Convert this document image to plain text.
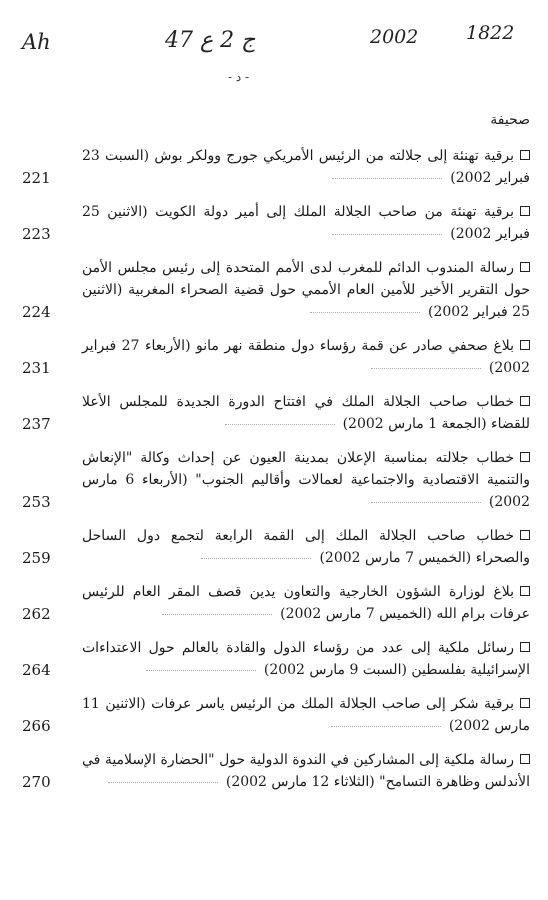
Ah	ج 2 ع 47	2002	1822
- د -
صحيفة
برقية تهنئة إلى جلالته من الرئيس الأمريكي جورج وولكر بوش (السبت 23 فبراير 2002)
221
برقية تهنئة من صاحب الجلالة الملك إلى أمير دولة الكويت (الاثنين 25 فبراير 2002)
223
رسالة المندوب الدائم للمغرب لدى الأمم المتحدة إلى رئيس مجلس الأمن حول التقرير الأخير للأمين العام الأممي حول قضية الصحراء المغربية (الاثنين 25 فبراير 2002)
224
بلاغ صحفي صادر عن قمة رؤساء دول منطقة نهر مانو (الأربعاء 27 فبراير 2002)
231
خطاب صاحب الجلالة الملك في افتتاح الدورة الجديدة للمجلس الأعلا للقضاء (الجمعة 1 مارس 2002)
237
خطاب جلالته بمناسبة الإعلان بمدينة العيون عن إحداث وكالة "الإنعاش والتنمية الاقتصادية والاجتماعية لعمالات وأقاليم الجنوب" (الأربعاء 6 مارس 2002)
253
خطاب صاحب الجلالة الملك إلى القمة الرابعة لتجمع دول الساحل والصحراء (الخميس 7 مارس 2002)
259
بلاغ لوزارة الشؤون الخارجية والتعاون يدين قصف المقر العام للرئيس عرفات برام الله (الخميس 7 مارس 2002)
262
رسائل ملكية إلى عدد من رؤساء الدول والقادة بالعالم حول الاعتداءات الإسرائيلية بفلسطين (السبت 9 مارس 2002)
264
برقية شكر إلى صاحب الجلالة الملك من الرئيس ياسر عرفات (الاثنين 11 مارس 2002)
266
رسالة ملكية إلى المشاركين في الندوة الدولية حول "الحضارة الإسلامية في الأندلس وظاهرة التسامح" (الثلاثاء 12 مارس 2002)
270
